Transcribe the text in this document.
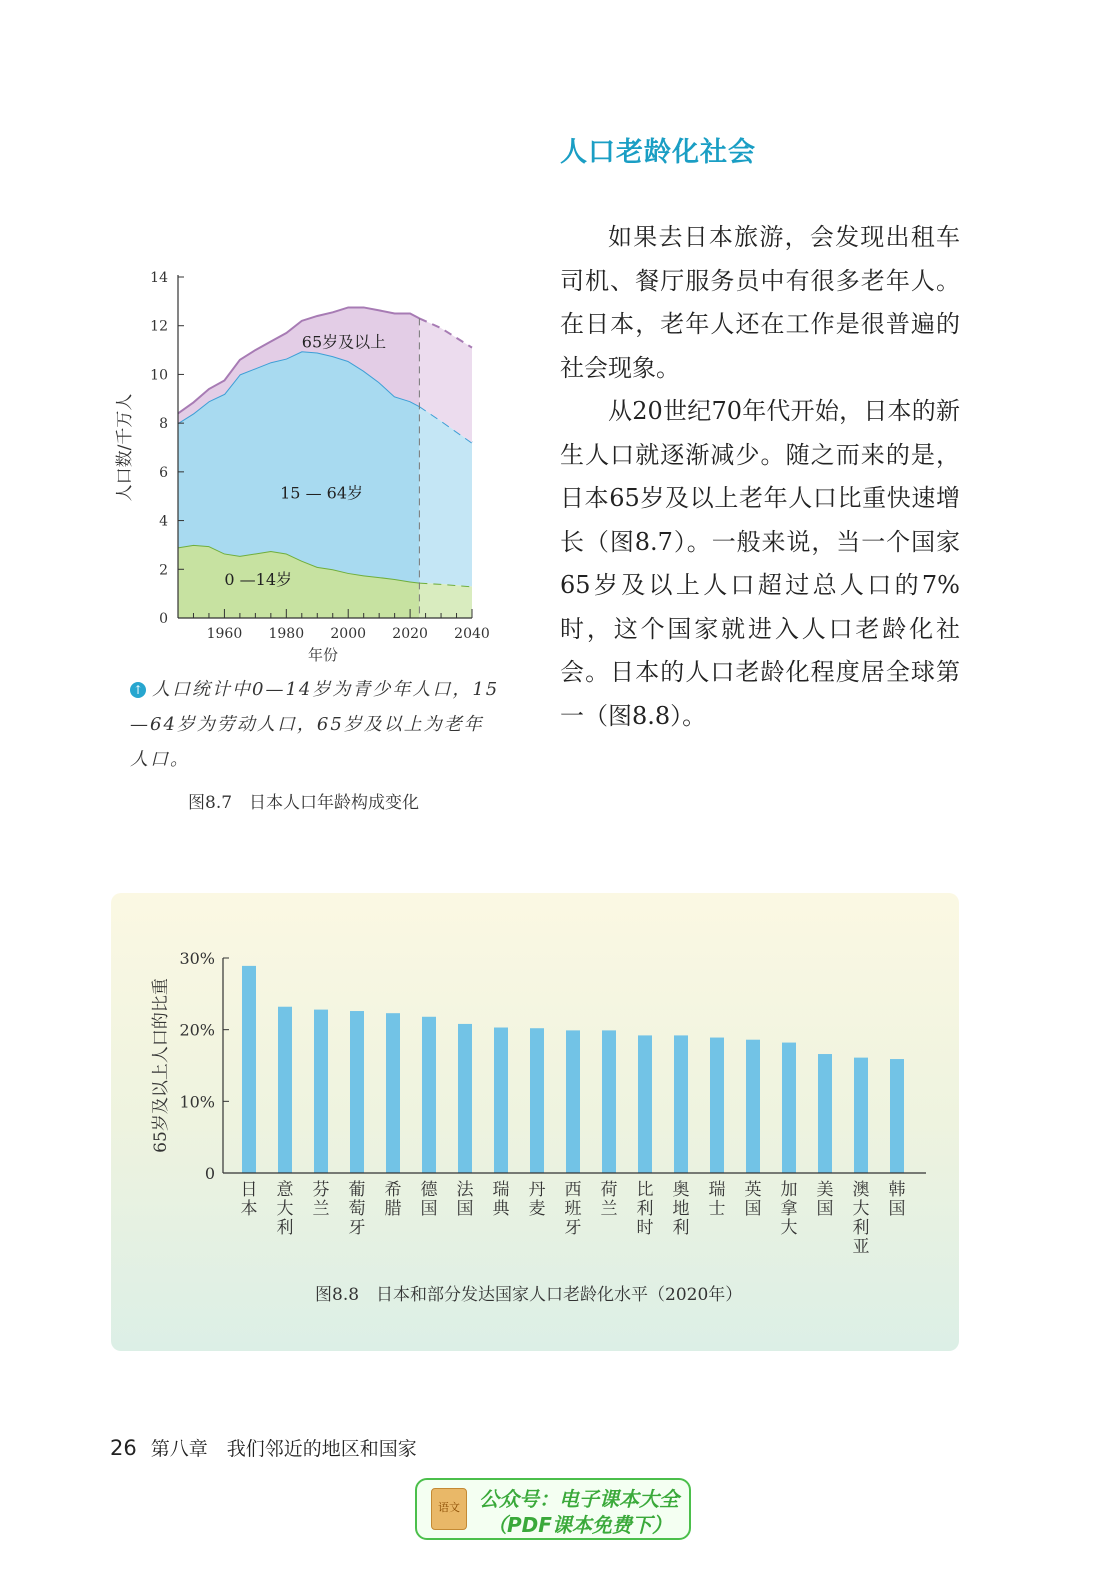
人口老龄化社会

如果去日本旅游，会发现出租车司机、餐厅服务员中有很多老年人。在日本，老年人还在工作是很普遍的社会现象。

从20世纪70年代开始，日本的新生人口就逐渐减少。随之而来的是，日本65岁及以上老年人口比重快速增长（图8.7）。一般来说，当一个国家65岁及以上人口超过总人口的7%时，这个国家就进入人口老龄化社会。日本的人口老龄化程度居全球第一（图8.8）。

0
2
4
6
8
10
12
14
1960 1980 2000 2020 2040
年份
人口数/千万人
0 —14岁
15 — 64岁
65岁及以上
↑ 人口统计中0—14岁为青少年人口，15—64岁为劳动人口，65岁及以上为老年人口。
图8.7　日本人口年龄构成变化
0
10%
20%
30%
65岁及以上人口的比重
日本
意大利
芬兰
葡萄牙
希腊
德国
法国
瑞典
丹麦
西班牙
荷兰
比利时
奥地利
瑞士
英国
加拿大
美国
澳大利亚
韩国
图8.8　日本和部分发达国家人口老龄化水平（2020年）
26 第八章　我们邻近的地区和国家
语文 公众号：电子课本大全
（PDF课本免费下）
